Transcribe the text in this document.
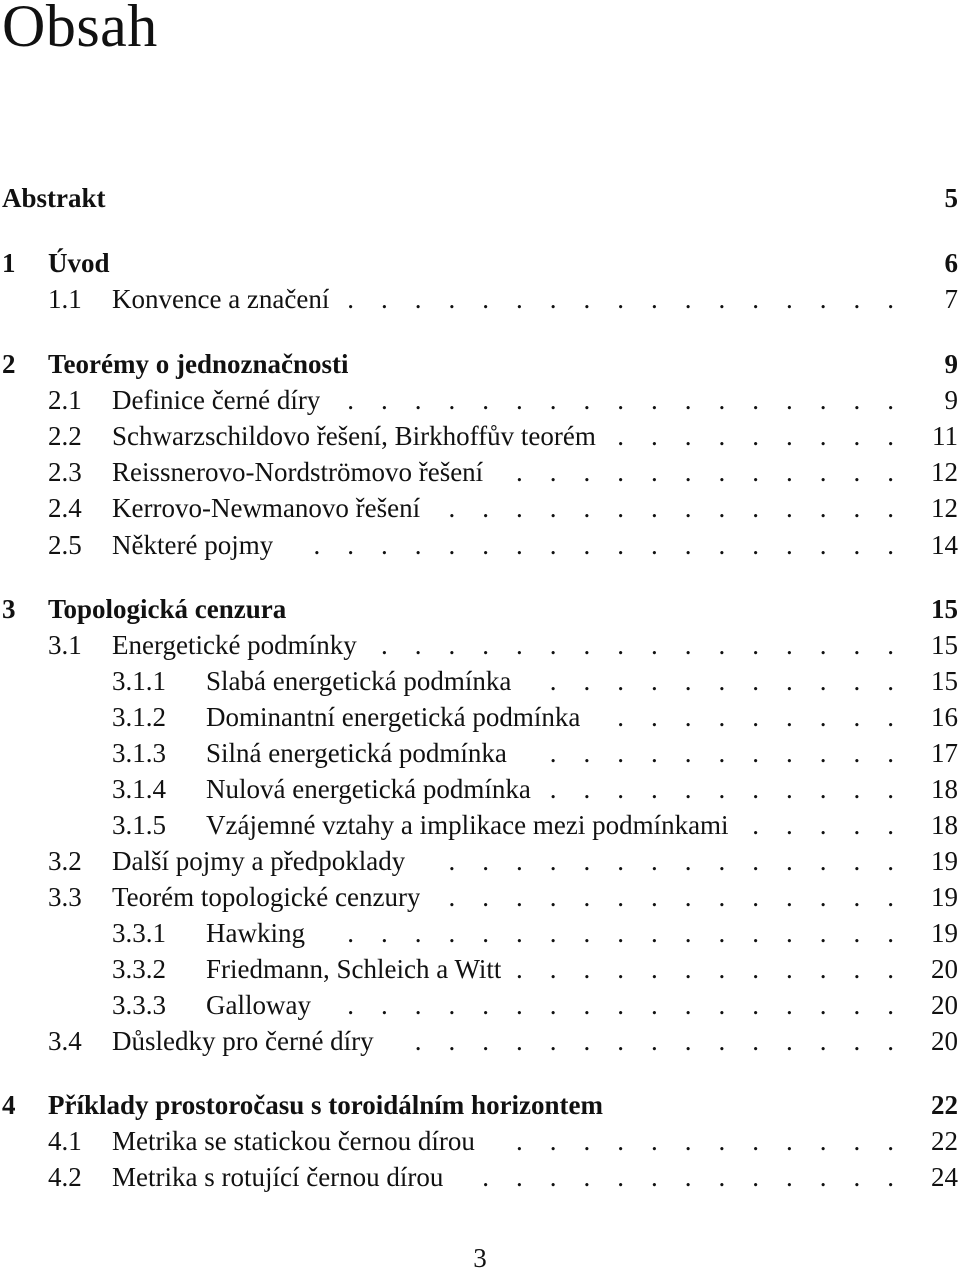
Obsah
Abstrakt	5
1 Úvod	6
1.1 Konvence a značení	7
.    .    .    .    .    .    .    .    .    .    .    .    .    .    .    .    .
2 Teorémy o jednoznačnosti	9
2.1 Definice černé díry	9
.    .    .    .    .    .    .    .    .    .    .    .    .    .    .    .    .
2.2 Schwarzschildovo řešení, Birkhoffův teorém	11
.    .    .    .    .    .    .    .    .
2.3 Reissnerovo-Nordströmovo řešení	12
.    .    .    .    .    .    .    .    .    .    .    .
2.4 Kerrovo-Newmanovo řešení	12
.    .    .    .    .    .    .    .    .    .    .    .    .    .
2.5 Některé pojmy	14
.    .    .    .    .    .    .    .    .    .    .    .    .    .    .    .    .    .
3 Topologická cenzura	15
3.1 Energetické podmínky	15
.    .    .    .    .    .    .    .    .    .    .    .    .    .    .    .
3.1.1 Slabá energetická podmínka	15
.    .    .    .    .    .    .    .    .    .    .
3.1.2 Dominantní energetická podmínka	16
.    .    .    .    .    .    .    .    .
3.1.3 Silná energetická podmínka	17
.    .    .    .    .    .    .    .    .    .    .
3.1.4 Nulová energetická podmínka	18
.    .    .    .    .    .    .    .    .    .    .
3.1.5 Vzájemné vztahy a implikace mezi podmínkami	18
.    .    .    .    .
3.2 Další pojmy a předpoklady	19
.    .    .    .    .    .    .    .    .    .    .    .    .    .
3.3 Teorém topologické cenzury	19
.    .    .    .    .    .    .    .    .    .    .    .    .    .
3.3.1 Hawking	19
.    .    .    .    .    .    .    .    .    .    .    .    .    .    .    .    .
3.3.2 Friedmann, Schleich a Witt	20
.    .    .    .    .    .    .    .    .    .    .    .
3.3.3 Galloway	20
.    .    .    .    .    .    .    .    .    .    .    .    .    .    .    .    .
3.4 Důsledky pro černé díry	20
.    .    .    .    .    .    .    .    .    .    .    .    .    .    .
4 Příklady prostoročasu s toroidálním horizontem	22
4.1 Metrika se statickou černou dírou	22
.    .    .    .    .    .    .    .    .    .    .    .
4.2 Metrika s rotující černou dírou	24
.    .    .    .    .    .    .    .    .    .    .    .    .
3
